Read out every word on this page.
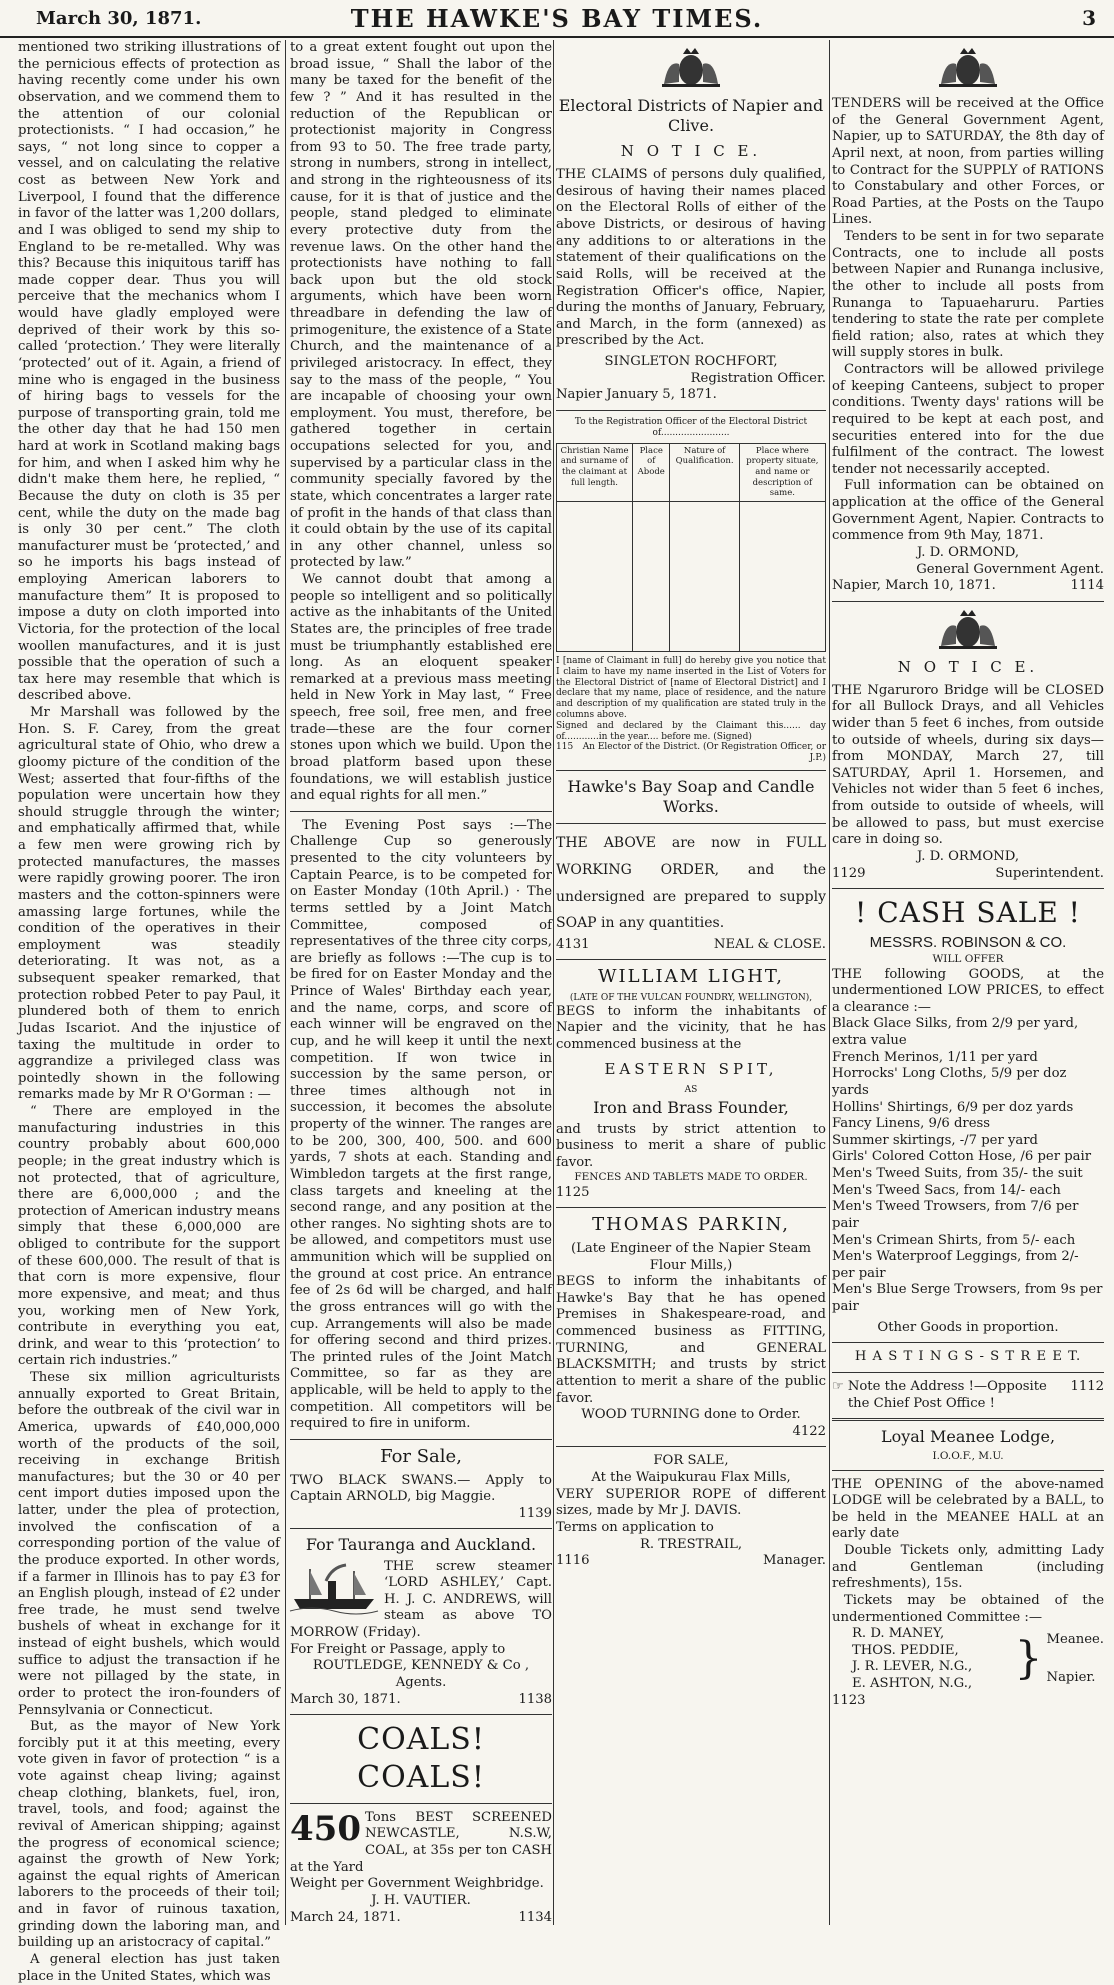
March 30, 1871.	THE HAWKE'S BAY TIMES.	3

mentioned two striking illustrations of the pernicious effects of protection as having recently come under his own observation, and we commend them to the attention of our colonial protectionists. “ I had occasion,” he says, “ not long since to copper a vessel, and on calculating the relative cost as between New York and Liverpool, I found that the difference in favor of the latter was 1,200 dollars, and I was obliged to send my ship to England to be re-metalled. Why was this? Because this iniquitous tariff has made copper dear. Thus you will perceive that the mechanics whom I would have gladly employed were deprived of their work by this so-called ‘protection.’ They were literally ‘protected’ out of it. Again, a friend of mine who is engaged in the business of hiring bags to vessels for the purpose of transporting grain, told me the other day that he had 150 men hard at work in Scotland making bags for him, and when I asked him why he didn't make them here, he replied, “ Because the duty on cloth is 35 per cent, while the duty on the made bag is only 30 per cent.” The cloth manufacturer must be ‘protected,’ and so he imports his bags instead of employing American laborers to manufacture them” It is proposed to impose a duty on cloth imported into Victoria, for the protection of the local woollen manufactures, and it is just possible that the operation of such a tax here may resemble that which is described above.

Mr Marshall was followed by the Hon. S. F. Carey, from the great agricultural state of Ohio, who drew a gloomy picture of the condition of the West; asserted that four-fifths of the population were uncertain how they should struggle through the winter; and emphatically affirmed that, while a few men were growing rich by protected manufactures, the masses were rapidly growing poorer. The iron masters and the cotton-spinners were amassing large fortunes, while the condition of the operatives in their employment was steadily deteriorating. It was not, as a subsequent speaker remarked, that protection robbed Peter to pay Paul, it plundered both of them to enrich Judas Iscariot. And the injustice of taxing the multitude in order to aggrandize a privileged class was pointedly shown in the following remarks made by Mr R O'Gorman : —

“ There are employed in the manufacturing industries in this country probably about 600,000 people; in the great industry which is not protected, that of agriculture, there are 6,000,000 ; and the protection of American industry means simply that these 6,000,000 are obliged to contribute for the support of these 600,000. The result of that is that corn is more expensive, flour more expensive, and meat; and thus you, working men of New York, contribute in everything you eat, drink, and wear to this ‘protection’ to certain rich industries.”

These six million agriculturists annually exported to Great Britain, before the outbreak of the civil war in America, upwards of £40,000,000 worth of the products of the soil, receiving in exchange British manufactures; but the 30 or 40 per cent import duties imposed upon the latter, under the plea of protection, involved the confiscation of a corresponding portion of the value of the produce exported. In other words, if a farmer in Illinois has to pay £3 for an English plough, instead of £2 under free trade, he must send twelve bushels of wheat in exchange for it instead of eight bushels, which would suffice to adjust the transaction if he were not pillaged by the state, in order to protect the iron-founders of Pennsylvania or Connecticut.

But, as the mayor of New York forcibly put it at this meeting, every vote given in favor of protection “ is a vote against cheap living; against cheap clothing, blankets, fuel, iron, travel, tools, and food; against the revival of American shipping; against the progress of economical science; against the growth of New York; against the equal rights of American laborers to the proceeds of their toil; and in favor of ruinous taxation, grinding down the laboring man, and building up an aristocracy of capital.”

A general election has just taken place in the United States, which was

to a great extent fought out upon the broad issue, “ Shall the labor of the many be taxed for the benefit of the few ? ” And it has resulted in the reduction of the Republican or protectionist majority in Congress from 93 to 50. The free trade party, strong in numbers, strong in intellect, and strong in the righteousness of its cause, for it is that of justice and the people, stand pledged to eliminate every protective duty from the revenue laws. On the other hand the protectionists have nothing to fall back upon but the old stock arguments, which have been worn threadbare in defending the law of primogeniture, the existence of a State Church, and the maintenance of a privileged aristocracy. In effect, they say to the mass of the people, “ You are incapable of choosing your own employment. You must, therefore, be gathered together in certain occupations selected for you, and supervised by a particular class in the community specially favored by the state, which concentrates a larger rate of profit in the hands of that class than it could obtain by the use of its capital in any other channel, unless so protected by law.”

We cannot doubt that among a people so intelligent and so politically active as the inhabitants of the United States are, the principles of free trade must be triumphantly established ere long. As an eloquent speaker remarked at a previous mass meeting held in New York in May last, “ Free speech, free soil, free men, and free trade—these are the four corner stones upon which we build. Upon the broad platform based upon these foundations, we will establish justice and equal rights for all men.”

The Evening Post says :—The Challenge Cup so generously presented to the city volunteers by Captain Pearce, is to be competed for on Easter Monday (10th April.) · The terms settled by a Joint Match Committee, composed of representatives of the three city corps, are briefly as follows :—The cup is to be fired for on Easter Monday and the Prince of Wales' Birthday each year, and the name, corps, and score of each winner will be engraved on the cup, and he will keep it until the next competition. If won twice in succession by the same person, or three times although not in succession, it becomes the absolute property of the winner. The ranges are to be 200, 300, 400, 500. and 600 yards, 7 shots at each. Standing and Wimbledon targets at the first range, class targets and kneeling at the second range, and any position at the other ranges. No sighting shots are to be allowed, and competitors must use ammunition which will be supplied on the ground at cost price. An entrance fee of 2s 6d will be charged, and half the gross entrances will go with the cup. Arrangements will also be made for offering second and third prizes. The printed rules of the Joint Match Committee, so far as they are applicable, will be held to apply to the competition. All competitors will be required to fire in uniform.

For Sale,

TWO BLACK SWANS.— Apply to Captain ARNOLD, big Maggie.

1139
For Tauranga and Auckland.

THE screw steamer ‘LORD ASHLEY,’ Capt. H. J. C. ANDREWS, will steam as above TO MORROW (Friday).

For Freight or Passage, apply to

ROUTLEDGE, KENNEDY & Co ,
Agents.
March 30, 1871.	1138
COALS! COALS!
450 Tons BEST SCREENED NEWCASTLE, N.S.W, COAL, at 35s per ton CASH at the Yard

Weight per Government Weighbridge.

J. H. VAUTIER.
March 24, 1871.	1134
Electoral Districts of Napier and Clive.
N O T I C E.

THE CLAIMS of persons duly qualified, desirous of having their names placed on the Electoral Rolls of either of the above Districts, or desirous of having any additions to or alterations in the statement of their qualifications on the said Rolls, will be received at the Registration Officer's office, Napier, during the months of January, February, and March, in the form (annexed) as prescribed by the Act.

SINGLETON ROCHFORT,
Registration Officer.
Napier January 5, 1871.
To the Registration Officer of the Electoral District of........................
Christian Name and surname of the claimant at full length.	Place of Abode	Nature of Qualification.	Place where property situate, and name or description of same.

I [name of Claimant in full] do hereby give you notice that I claim to have my name inserted in the List of Voters for the Electoral District of [name of Electoral District] and I declare that my name, place of residence, and the nature and description of my qualification are stated truly in the columns above.

Signed and declared by the Claimant this...... day of............in the year.... before me. (Signed)

115	An Elector of the District. (Or Registration Officer, or J.P.)
Hawke's Bay Soap and Candle Works.

THE ABOVE are now in FULL WORKING ORDER, and the undersigned are prepared to supply SOAP in any quantities.

4131	NEAL & CLOSE.
WILLIAM LIGHT,
(LATE OF THE VULCAN FOUNDRY, WELLINGTON),

BEGS to inform the inhabitants of Napier and the vicinity, that he has commenced business at the

EASTERN SPIT,
AS
Iron and Brass Founder,

and trusts by strict attention to business to merit a share of public favor.

FENCES AND TABLETS MADE TO ORDER.
1125
THOMAS PARKIN,
(Late Engineer of the Napier Steam Flour Mills,)

BEGS to inform the inhabitants of Hawke's Bay that he has opened Premises in Shakespeare-road, and commenced business as FITTING, TURNING, and GENERAL BLACKSMITH; and trusts by strict attention to merit a share of the public favor.

WOOD TURNING done to Order.
4122
FOR SALE,
At the Waipukurau Flax Mills,

VERY SUPERIOR ROPE of different sizes, made by Mr J. DAVIS.

Terms on application to
R. TRESTRAIL,
1116	Manager.

TENDERS will be received at the Office of the General Government Agent, Napier, up to SATURDAY, the 8th day of April next, at noon, from parties willing to Contract for the SUPPLY of RATIONS to Constabulary and other Forces, or Road Parties, at the Posts on the Taupo Lines.

Tenders to be sent in for two separate Contracts, one to include all posts between Napier and Runanga inclusive, the other to include all posts from Runanga to Tapuaeharuru. Parties tendering to state the rate per complete field ration; also, rates at which they will supply stores in bulk.

Contractors will be allowed privilege of keeping Canteens, subject to proper conditions. Twenty days' rations will be required to be kept at each post, and securities entered into for the due fulfilment of the contract. The lowest tender not necessarily accepted.

Full information can be obtained on application at the office of the General Government Agent, Napier. Contracts to commence from 9th May, 1871.

J. D. ORMOND,
General Government Agent.
Napier, March 10, 1871.	1114
N O T I C E.

THE Ngaruroro Bridge will be CLOSED for all Bullock Drays, and all Vehicles wider than 5 feet 6 inches, from outside to outside of wheels, during six days—from MONDAY, March 27, till SATURDAY, April 1. Horsemen, and Vehicles not wider than 5 feet 6 inches, from outside to outside of wheels, will be allowed to pass, but must exercise care in doing so.

J. D. ORMOND,
1129	Superintendent.
! CASH SALE !
MESSRS. ROBINSON & CO.
WILL OFFER

THE following GOODS, at the undermentioned LOW PRICES, to effect a clearance :—

Black Glace Silks, from 2/9 per yard, extra value
French Merinos, 1/11 per yard
Horrocks' Long Cloths, 5/9 per doz yards
Hollins' Shirtings, 6/9 per doz yards
Fancy Linens, 9/6 dress
Summer skirtings, -/7 per yard
Girls' Colored Cotton Hose, /6 per pair
Men's Tweed Suits, from 35/- the suit
Men's Tweed Sacs, from 14/- each
Men's Tweed Trowsers, from 7/6 per pair
Men's Crimean Shirts, from 5/- each
Men's Waterproof Leggings, from 2/- per pair
Men's Blue Serge Trowsers, from 9s per pair
Other Goods in proportion.
H A S T I N G S - S T R E E T.
☞ Note the Address !—Opposite the Chief Post Office !
1112
Loyal Meanee Lodge,
I.O.O.F., M.U.

THE OPENING of the above-named LODGE will be celebrated by a BALL, to be held in the MEANEE HALL at an early date

Double Tickets only, admitting Lady and Gentleman (including refreshments), 15s.

Tickets may be obtained of the undermentioned Committee :—

R. D. MANEY,
THOS. PEDDIE,
J. R. LEVER, N.G.,
E. ASHTON, N.G., } Meanee.
Napier.
1123
